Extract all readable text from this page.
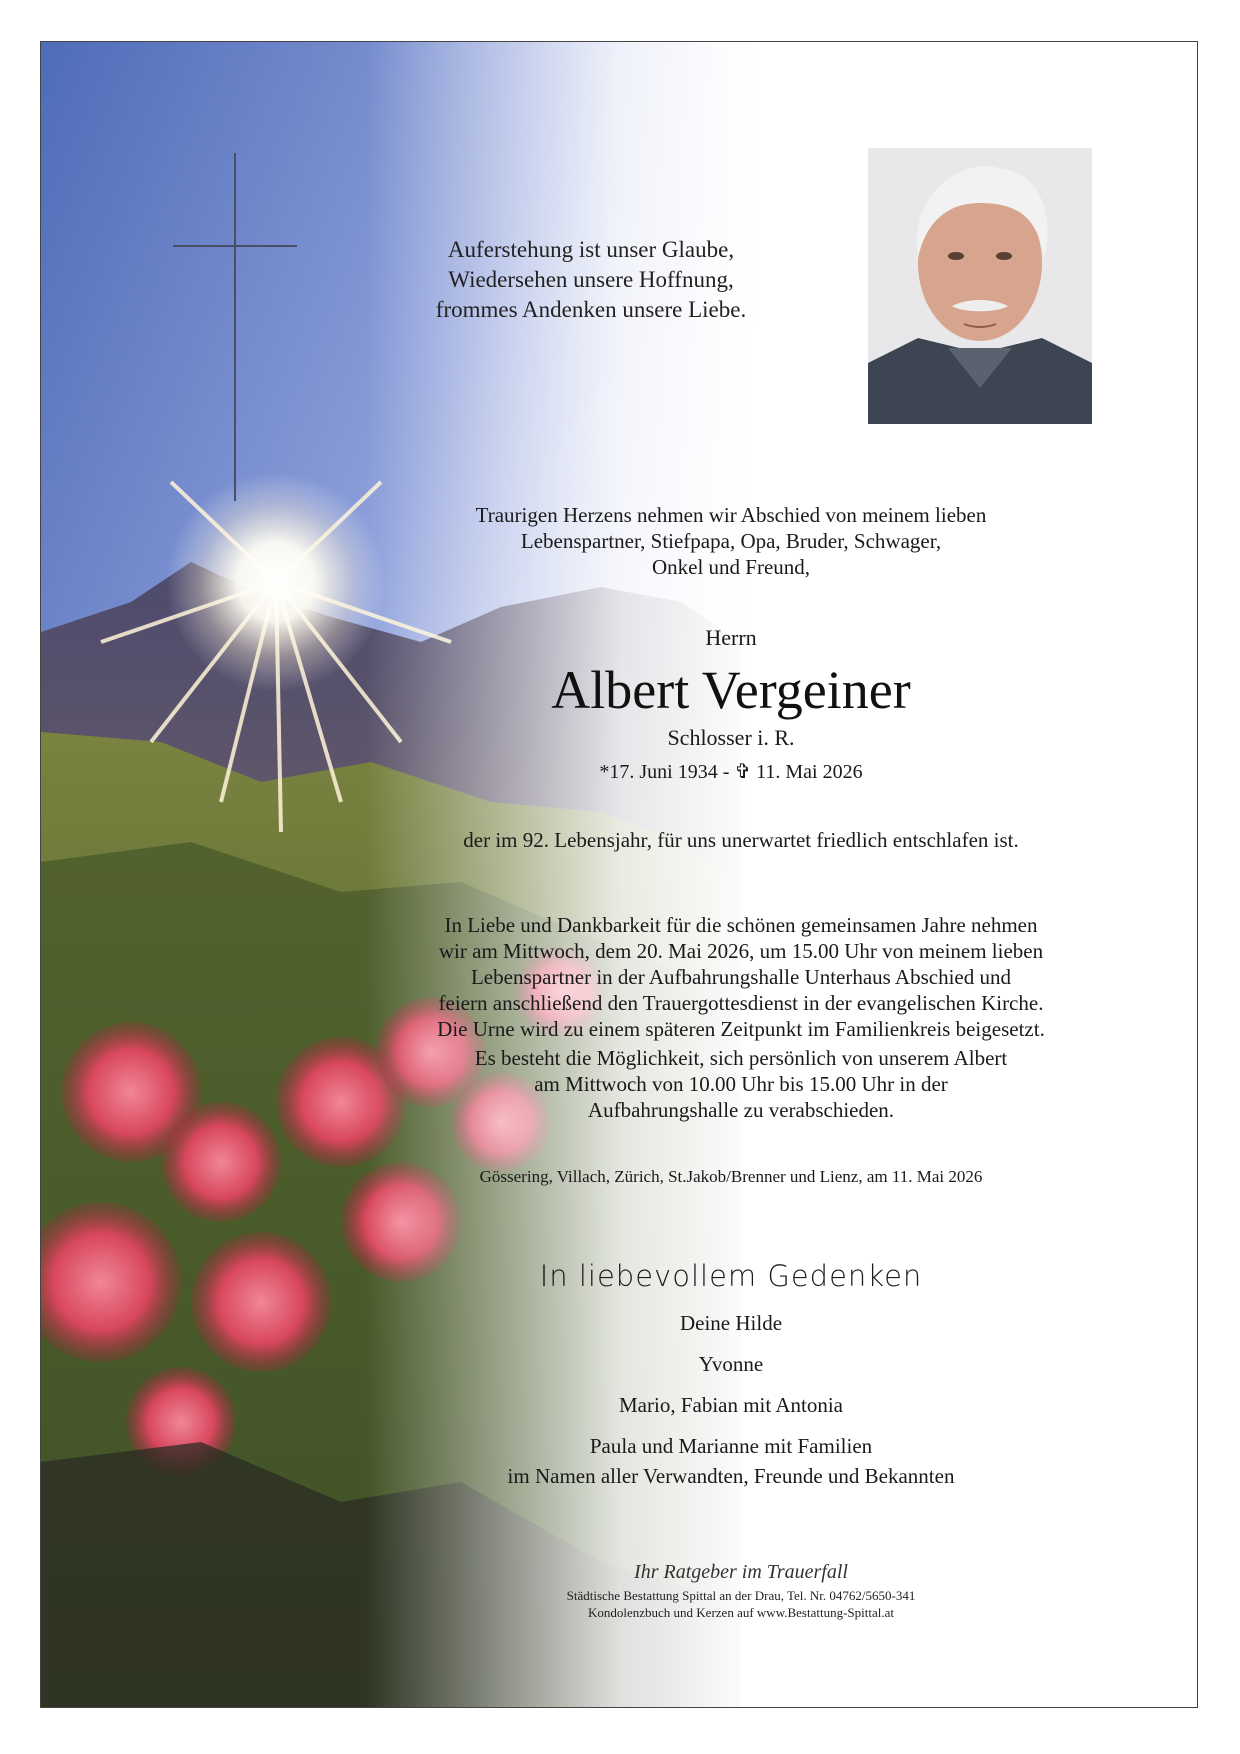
Auferstehung ist unser Glaube,
Wiedersehen unsere Hoffnung,
frommes Andenken unsere Liebe.
Traurigen Herzens nehmen wir Abschied von meinem lieben
Lebenspartner, Stiefpapa, Opa, Bruder, Schwager,
Onkel und Freund,
Herrn
Albert Vergeiner
Schlosser i. R.
*17. Juni 1934 - ✞ 11. Mai 2026
der im 92. Lebensjahr, für uns unerwartet friedlich entschlafen ist.
In Liebe und Dankbarkeit für die schönen gemeinsamen Jahre nehmen
wir am Mittwoch, dem 20. Mai 2026, um 15.00 Uhr von meinem lieben
Lebenspartner in der Aufbahrungshalle Unterhaus Abschied und
feiern anschließend den Trauergottesdienst in der evangelischen Kirche.
Die Urne wird zu einem späteren Zeitpunkt im Familienkreis beigesetzt.
Es besteht die Möglichkeit, sich persönlich von unserem Albert
am Mittwoch von 10.00 Uhr bis 15.00 Uhr in der
Aufbahrungshalle zu verabschieden.
Gössering, Villach, Zürich, St.Jakob/Brenner und Lienz, am 11. Mai 2026
In liebevollem Gedenken
Deine Hilde
Yvonne
Mario, Fabian mit Antonia
Paula und Marianne mit Familien
im Namen aller Verwandten, Freunde und Bekannten
Ihr Ratgeber im Trauerfall
Städtische Bestattung Spittal an der Drau, Tel. Nr. 04762/5650-341
Kondolenzbuch und Kerzen auf www.Bestattung-Spittal.at
